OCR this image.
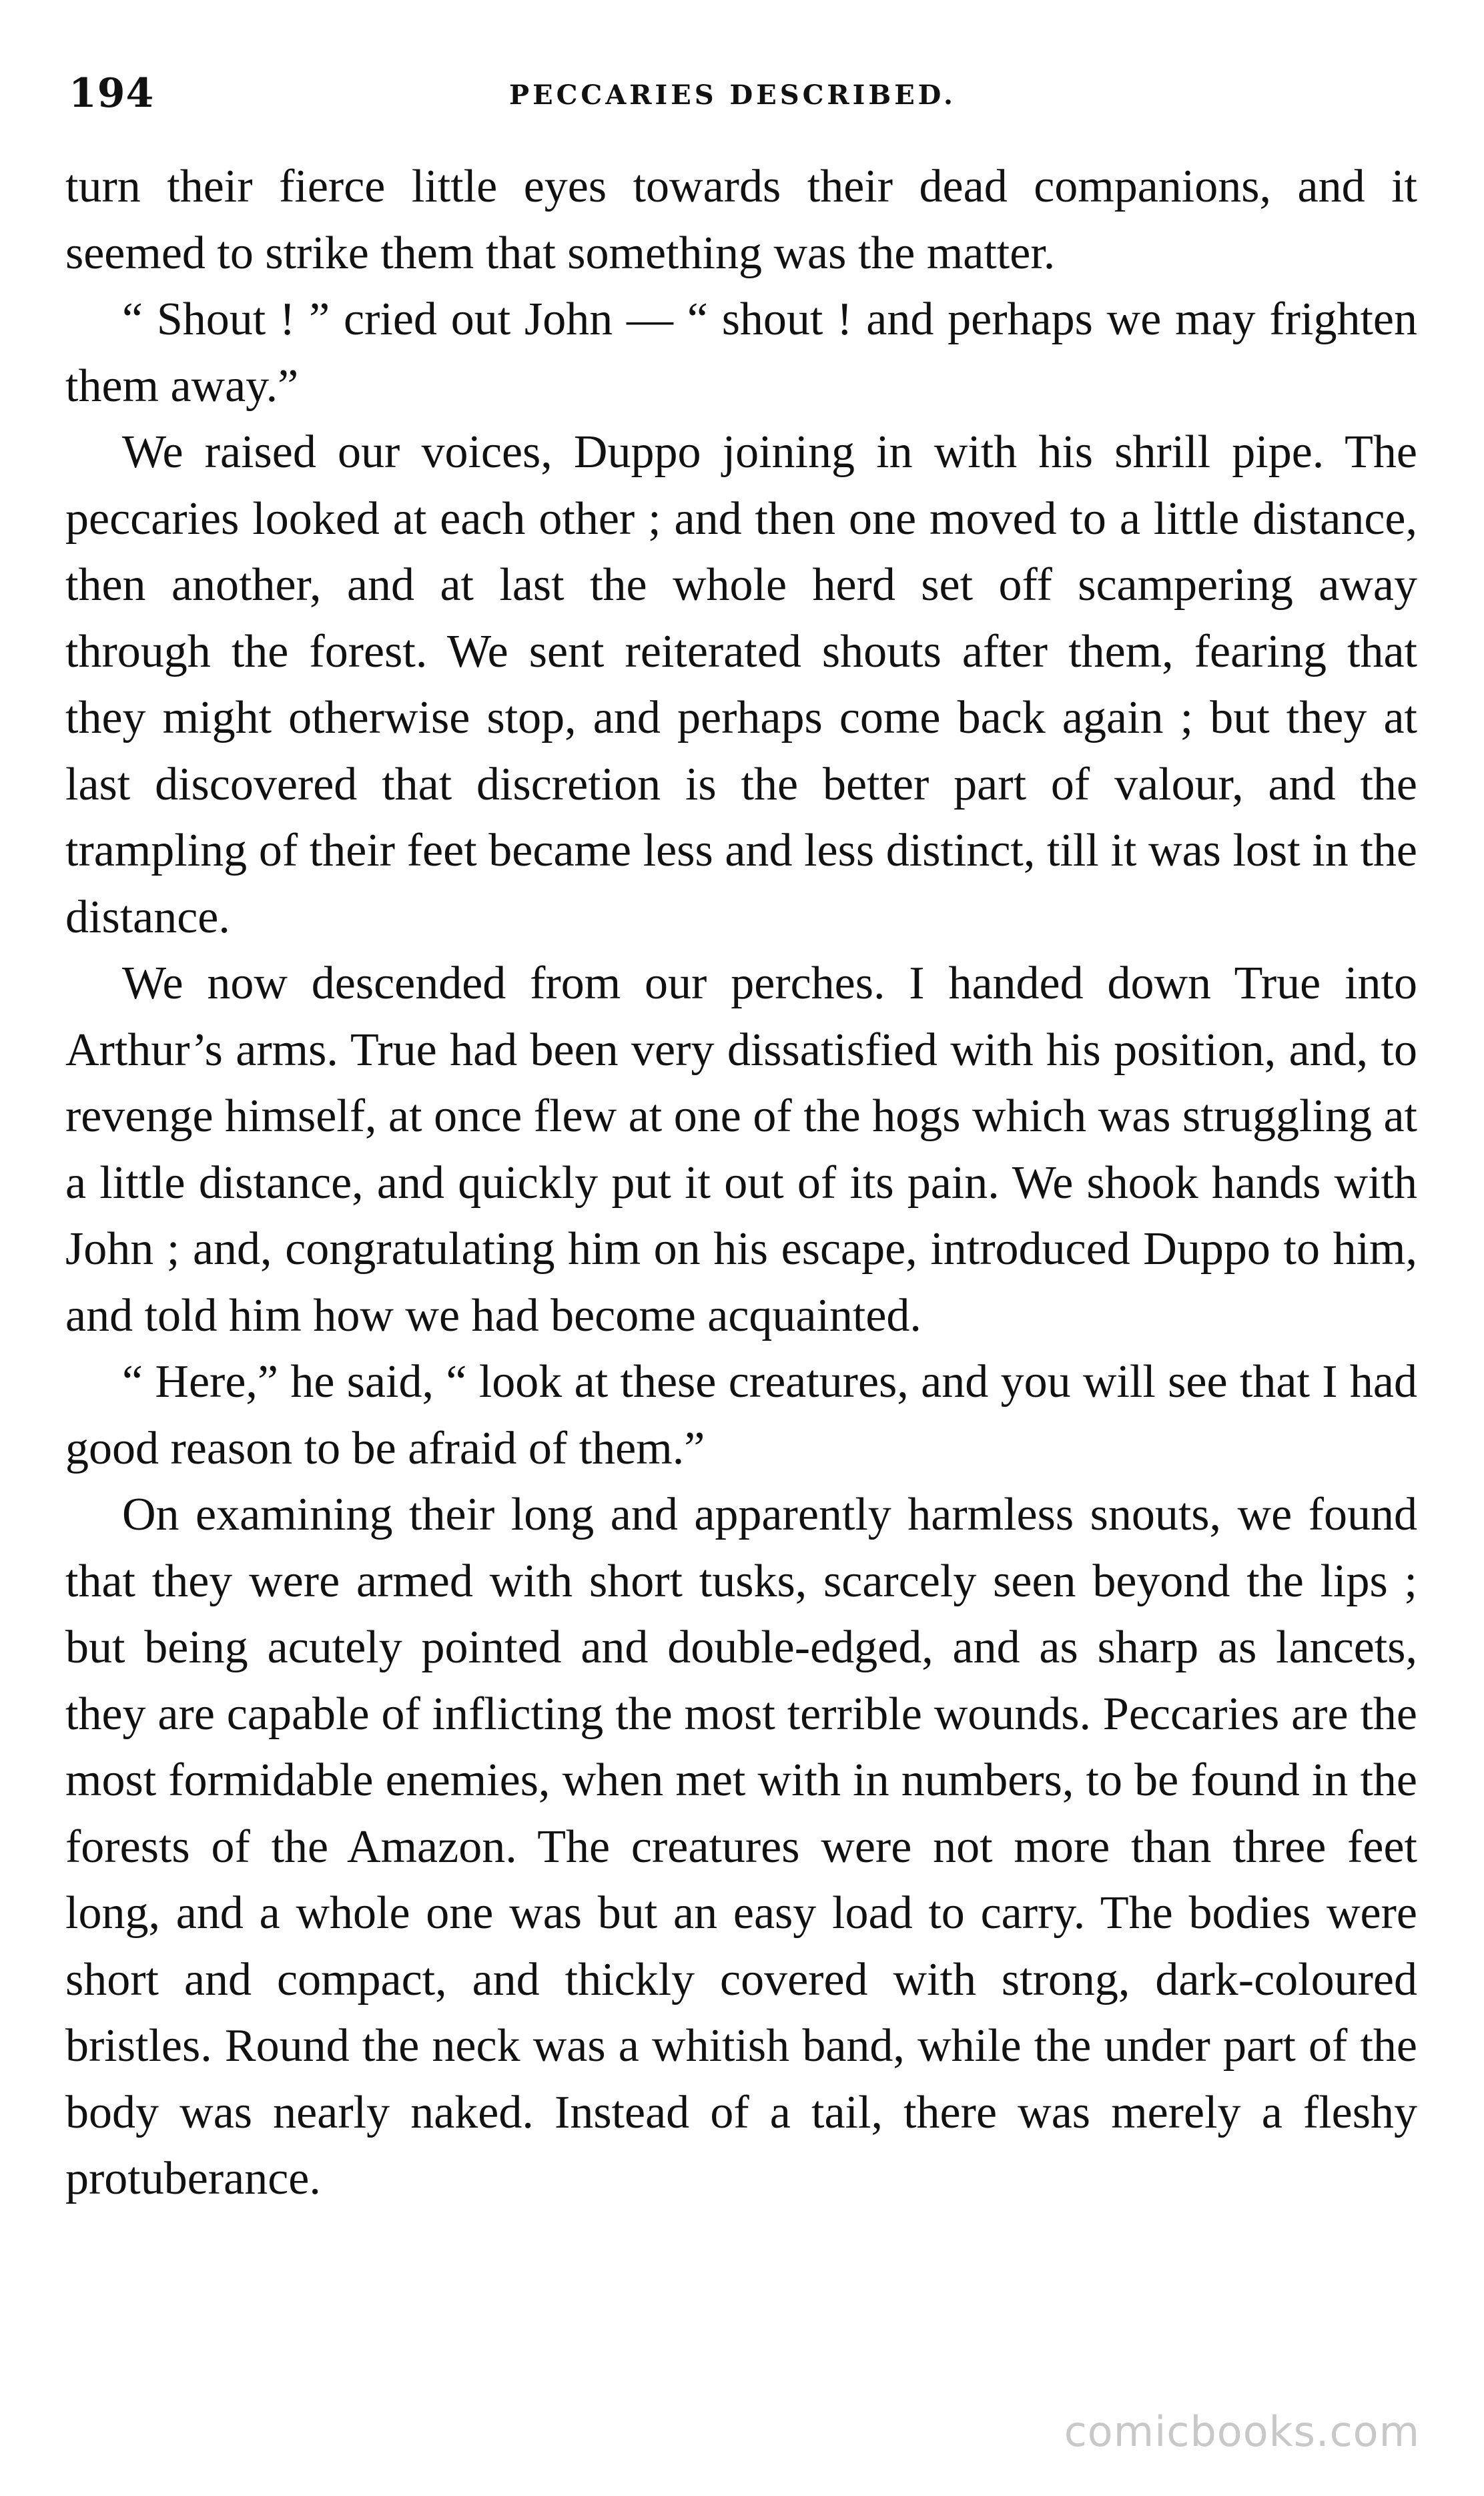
194	PECCARIES DESCRIBED.

turn their fierce little eyes towards their dead companions, and it seemed to strike them that something was the matter.

“ Shout ! ” cried out John — “ shout ! and perhaps we may frighten them away.”

We raised our voices, Duppo joining in with his shrill pipe. The peccaries looked at each other ; and then one moved to a little distance, then another, and at last the whole herd set off scampering away through the forest. We sent reiterated shouts after them, fearing that they might otherwise stop, and perhaps come back again ; but they at last discovered that discretion is the better part of valour, and the trampling of their feet became less and less distinct, till it was lost in the distance.

We now descended from our perches. I handed down True into Arthur’s arms. True had been very dissatisfied with his position, and, to revenge himself, at once flew at one of the hogs which was struggling at a little distance, and quickly put it out of its pain. We shook hands with John ; and, congratulating him on his escape, introduced Duppo to him, and told him how we had become acquainted.

“ Here,” he said, “ look at these creatures, and you will see that I had good reason to be afraid of them.”

On examining their long and apparently harmless snouts, we found that they were armed with short tusks, scarcely seen beyond the lips ; but being acutely pointed and double-edged, and as sharp as lancets, they are capable of inflicting the most terrible wounds. Peccaries are the most formidable enemies, when met with in numbers, to be found in the forests of the Amazon. The creatures were not more than three feet long, and a whole one was but an easy load to carry. The bodies were short and compact, and thickly covered with strong, dark-coloured bristles. Round the neck was a whitish band, while the under part of the body was nearly naked. Instead of a tail, there was merely a fleshy protuberance.

comicbooks.com
